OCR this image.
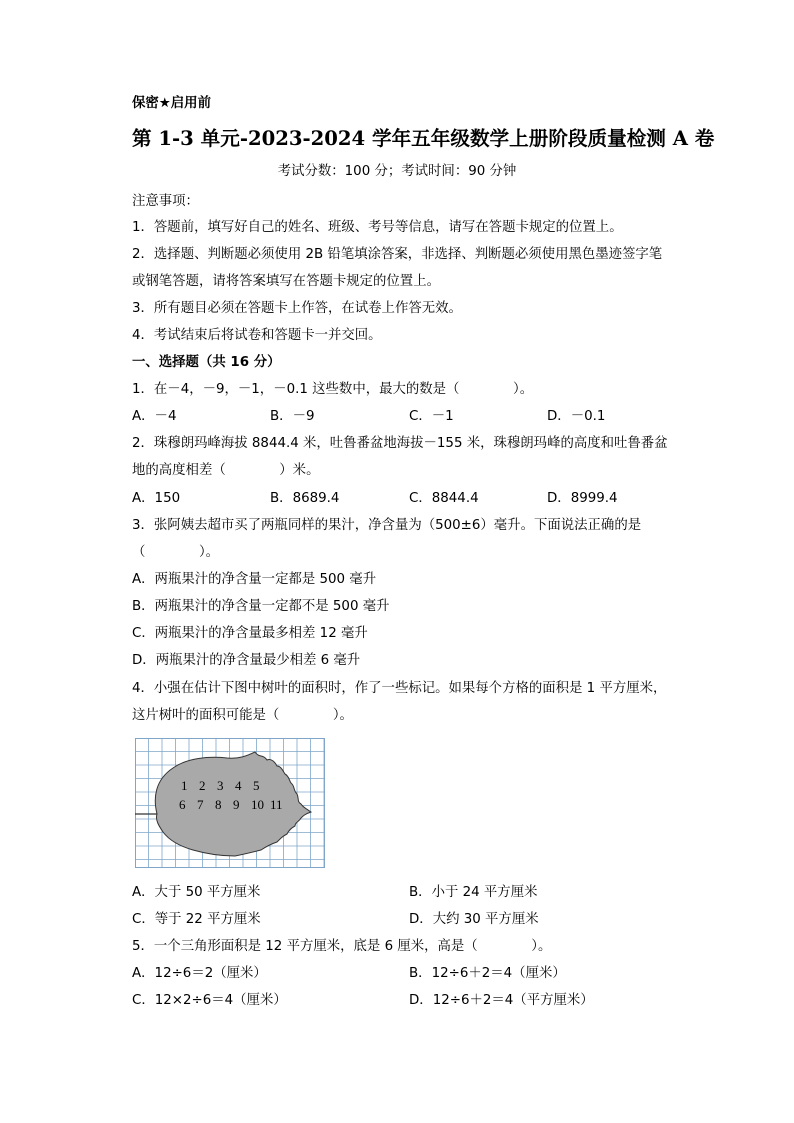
保密★启用前
第 1-3 单元-2023-2024 学年五年级数学上册阶段质量检测 A 卷
考试分数：100 分；考试时间：90 分钟
注意事项：
1．答题前，填写好自己的姓名、班级、考号等信息，请写在答题卡规定的位置上。
2．选择题、判断题必须使用 2B 铅笔填涂答案，非选择、判断题必须使用黑色墨迹签字笔
或钢笔答题，请将答案填写在答题卡规定的位置上。
3．所有题目必须在答题卡上作答，在试卷上作答无效。
4．考试结束后将试卷和答题卡一并交回。
一、选择题（共 16 分）
1．在－4，－9，－1，－0.1 这些数中，最大的数是（　　　　）。
A．－4	B．－9	C．－1	D．－0.1
2．珠穆朗玛峰海拔 8844.4 米，吐鲁番盆地海拔－155 米，珠穆朗玛峰的高度和吐鲁番盆
地的高度相差（　　　　）米。
A．150	B．8689.4	C．8844.4	D．8999.4
3．张阿姨去超市买了两瓶同样的果汁，净含量为（500±6）毫升。下面说法正确的是
（　　　　）。
A．两瓶果汁的净含量一定都是 500 毫升
B．两瓶果汁的净含量一定都不是 500 毫升
C．两瓶果汁的净含量最多相差 12 毫升
D．两瓶果汁的净含量最少相差 6 毫升
4．小强在估计下图中树叶的面积时，作了一些标记。如果每个方格的面积是 1 平方厘米，
这片树叶的面积可能是（　　　　）。
1 2 3 4 5
6 7 8 9 10 11
A．大于 50 平方厘米	B．小于 24 平方厘米
C．等于 22 平方厘米	D．大约 30 平方厘米
5．一个三角形面积是 12 平方厘米，底是 6 厘米，高是（　　　　）。
A．12÷6＝2（厘米）	B．12÷6＋2＝4（厘米）
C．12×2÷6＝4（厘米）	D．12÷6＋2＝4（平方厘米）
